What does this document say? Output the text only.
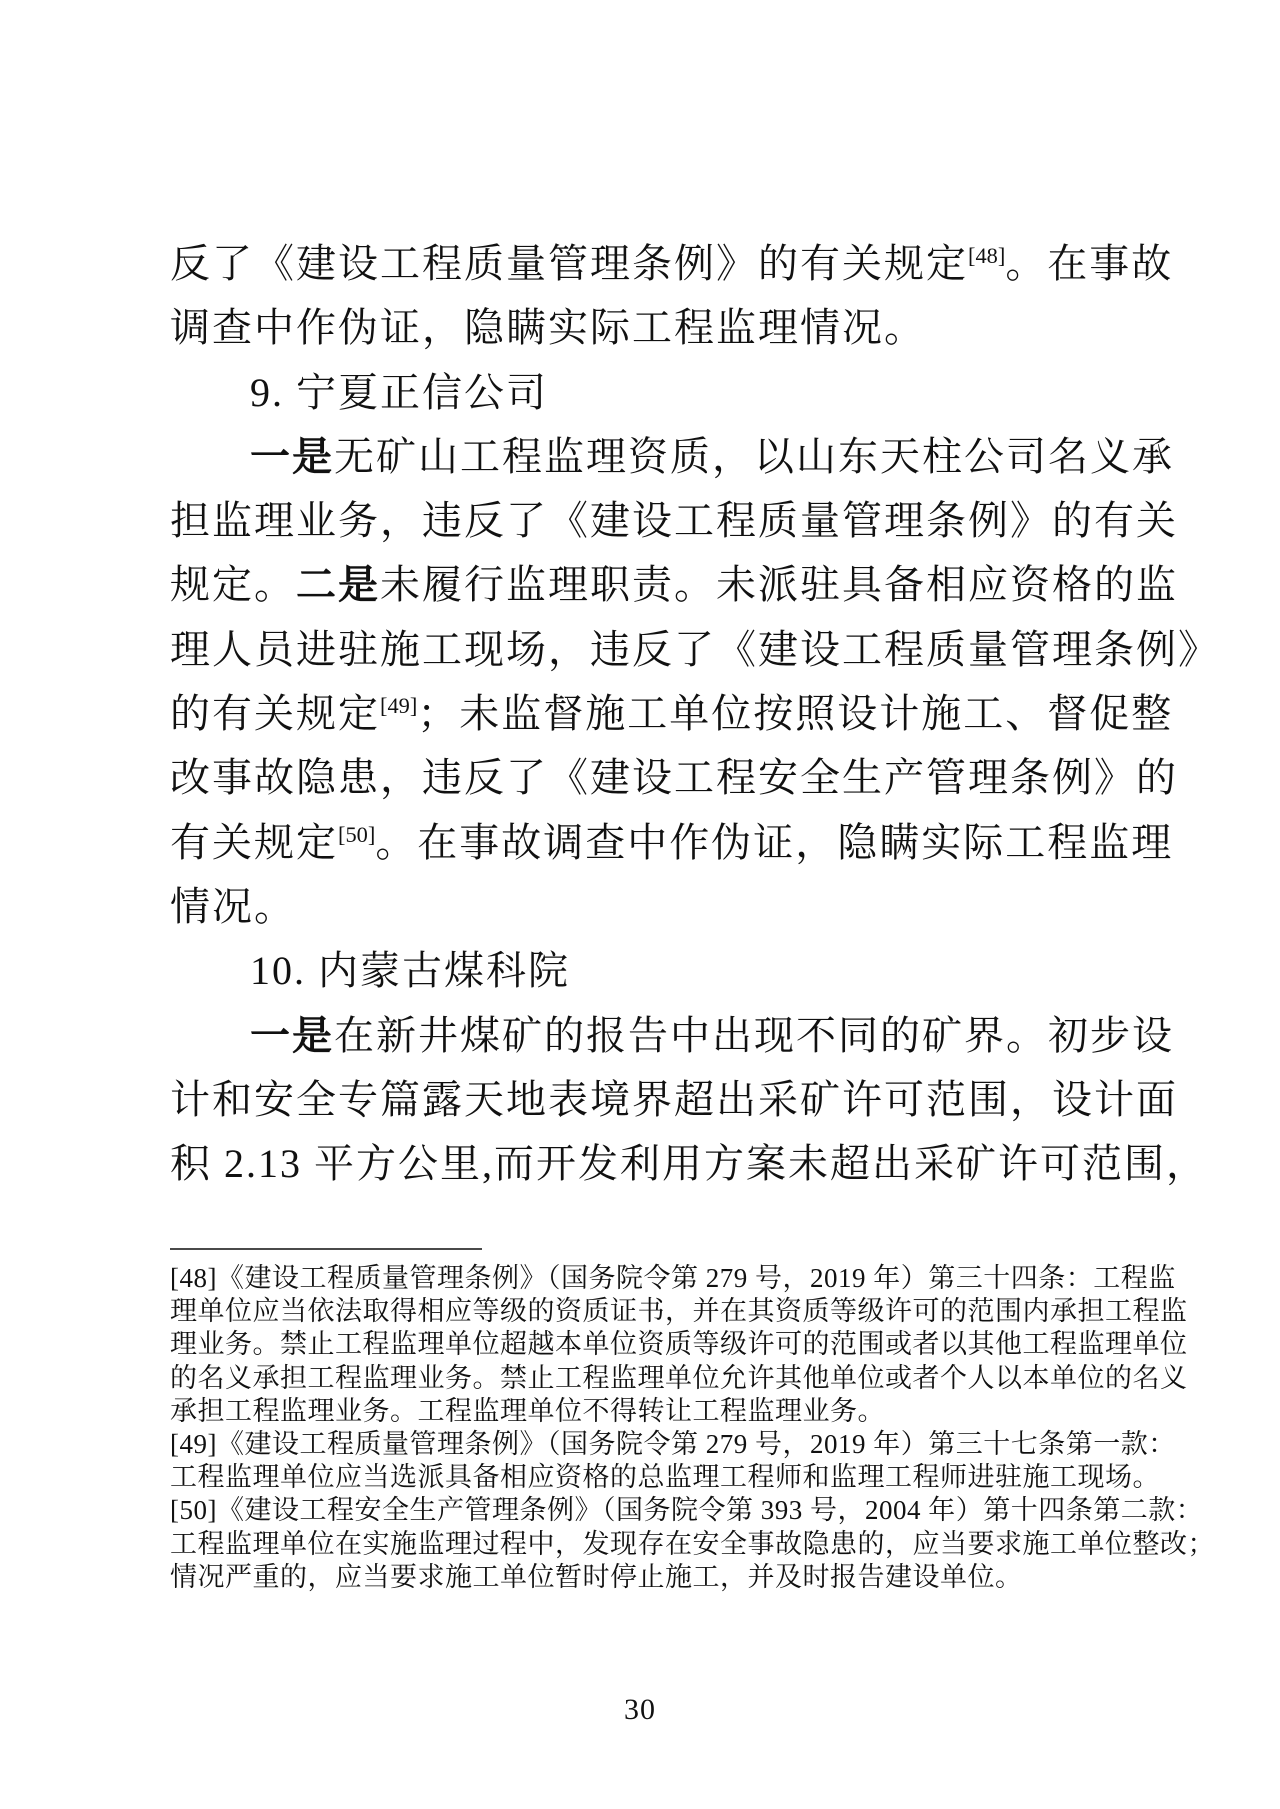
反了《建设工程质量管理条例》的有关规定[48]。在事故
调查中作伪证，隐瞒实际工程监理情况。
9. 宁夏正信公司
一是无矿山工程监理资质，以山东天柱公司名义承
担监理业务，违反了《建设工程质量管理条例》的有关
规定。二是未履行监理职责。未派驻具备相应资格的监
理人员进驻施工现场，违反了《建设工程质量管理条例》
的有关规定[49]；未监督施工单位按照设计施工、督促整
改事故隐患，违反了《建设工程安全生产管理条例》的
有关规定[50]。在事故调查中作伪证，隐瞒实际工程监理
情况。
10. 内蒙古煤科院
一是在新井煤矿的报告中出现不同的矿界。初步设
计和安全专篇露天地表境界超出采矿许可范围，设计面
积 2.13 平方公里,而开发利用方案未超出采矿许可范围，
[48]《建设工程质量管理条例》（国务院令第 279 号，2019 年）第三十四条：工程监
理单位应当依法取得相应等级的资质证书，并在其资质等级许可的范围内承担工程监
理业务。禁止工程监理单位超越本单位资质等级许可的范围或者以其他工程监理单位
的名义承担工程监理业务。禁止工程监理单位允许其他单位或者个人以本单位的名义
承担工程监理业务。工程监理单位不得转让工程监理业务。
[49]《建设工程质量管理条例》（国务院令第 279 号，2019 年）第三十七条第一款：
工程监理单位应当选派具备相应资格的总监理工程师和监理工程师进驻施工现场。
[50]《建设工程安全生产管理条例》（国务院令第 393 号，2004 年）第十四条第二款：
工程监理单位在实施监理过程中，发现存在安全事故隐患的，应当要求施工单位整改；
情况严重的，应当要求施工单位暂时停止施工，并及时报告建设单位。
30
